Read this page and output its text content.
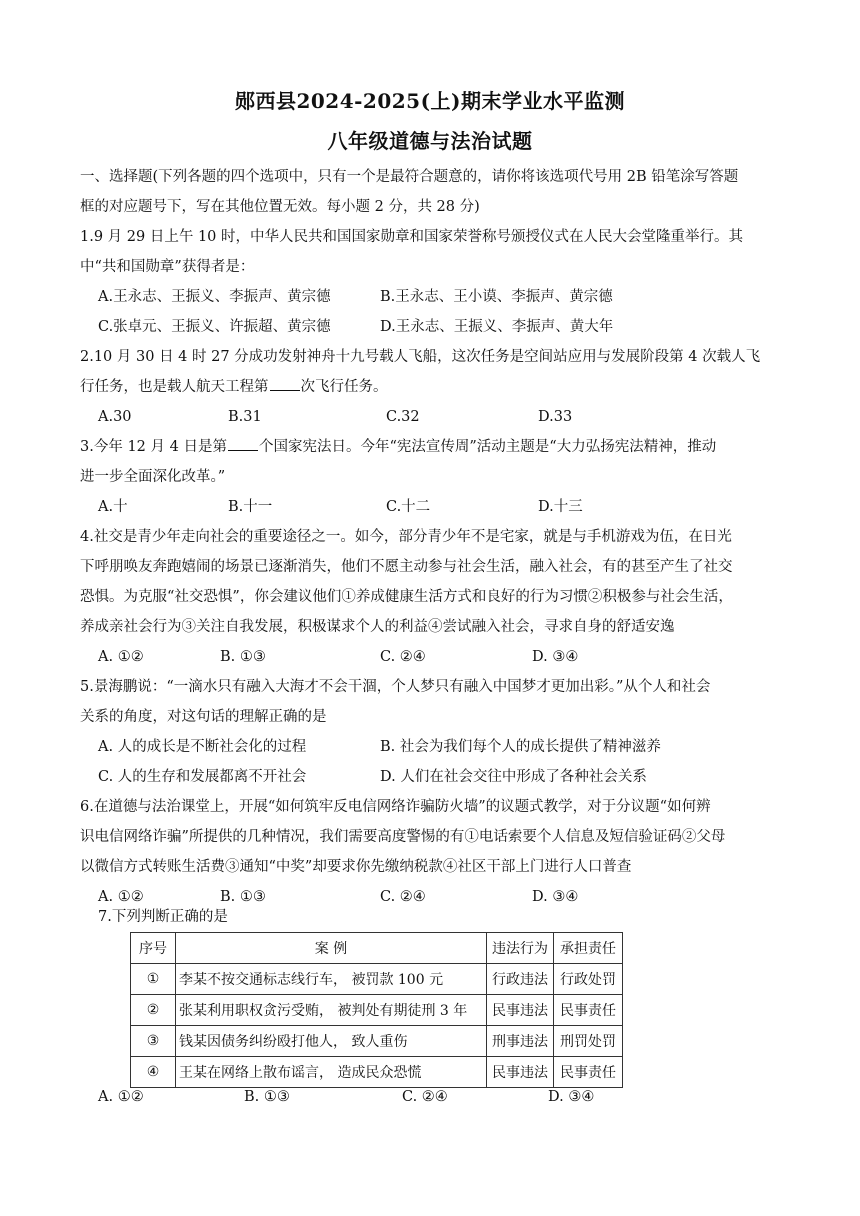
郧西县2024-2025(上)期末学业水平监测
八年级道德与法治试题
一、选择题(下列各题的四个选项中，只有一个是最符合题意的，请你将该选项代号用 2B 铅笔涂写答题
框的对应题号下，写在其他位置无效。每小题 2 分，共 28 分)
1.9 月 29 日上午 10 时，中华人民共和国国家勋章和国家荣誉称号颁授仪式在人民大会堂隆重举行。其
中“共和国勋章”获得者是：
A.王永志、王振义、李振声、黄宗德	B.王永志、王小谟、李振声、黄宗德
C.张卓元、王振义、许振超、黄宗德	D.王永志、王振义、李振声、黄大年
2.10 月 30 日 4 时 27 分成功发射神舟十九号载人飞船，这次任务是空间站应用与发展阶段第 4 次载人飞
行任务，也是载人航天工程第 次飞行任务。
A.30	B.31	C.32	D.33
3.今年 12 月 4 日是第 个国家宪法日。今年“宪法宣传周”活动主题是“大力弘扬宪法精神，推动
进一步全面深化改革。”
A.十	B.十一	C.十二	D.十三
4.社交是青少年走向社会的重要途径之一。如今，部分青少年不是宅家，就是与手机游戏为伍，在日光
下呼朋唤友奔跑嬉闹的场景已逐渐消失，他们不愿主动参与社会生活，融入社会，有的甚至产生了社交
恐惧。为克服“社交恐惧”，你会建议他们①养成健康生活方式和良好的行为习惯②积极参与社会生活，
养成亲社会行为③关注自我发展，积极谋求个人的利益④尝试融入社会，寻求自身的舒适安逸
A. ①②	B. ①③	C. ②④	D. ③④
5.景海鹏说：“一滴水只有融入大海才不会干涸，个人梦只有融入中国梦才更加出彩。”从个人和社会
关系的角度，对这句话的理解正确的是
A. 人的成长是不断社会化的过程	B. 社会为我们每个人的成长提供了精神滋养
C. 人的生存和发展都离不开社会	D. 人们在社会交往中形成了各种社会关系
6.在道德与法治课堂上，开展“如何筑牢反电信网络诈骗防火墙”的议题式教学，对于分议题“如何辨
识电信网络诈骗”所提供的几种情况，我们需要高度警惕的有①电话索要个人信息及短信验证码②父母
以微信方式转账生活费③通知“中奖”却要求你先缴纳税款④社区干部上门进行人口普查
A. ①②	B. ①③	C. ②④	D. ③④
7.下列判断正确的是
序号	案 例	违法行为	承担责任
①	李某不按交通标志线行车， 被罚款 100 元	行政违法	行政处罚
②	张某利用职权贪污受贿， 被判处有期徒刑 3 年	民事违法	民事责任
③	钱某因债务纠纷殴打他人， 致人重伤	刑事违法	刑罚处罚
④	王某在网络上散布谣言， 造成民众恐慌	民事违法	民事责任
A. ①②	B. ①③	C. ②④	D. ③④
